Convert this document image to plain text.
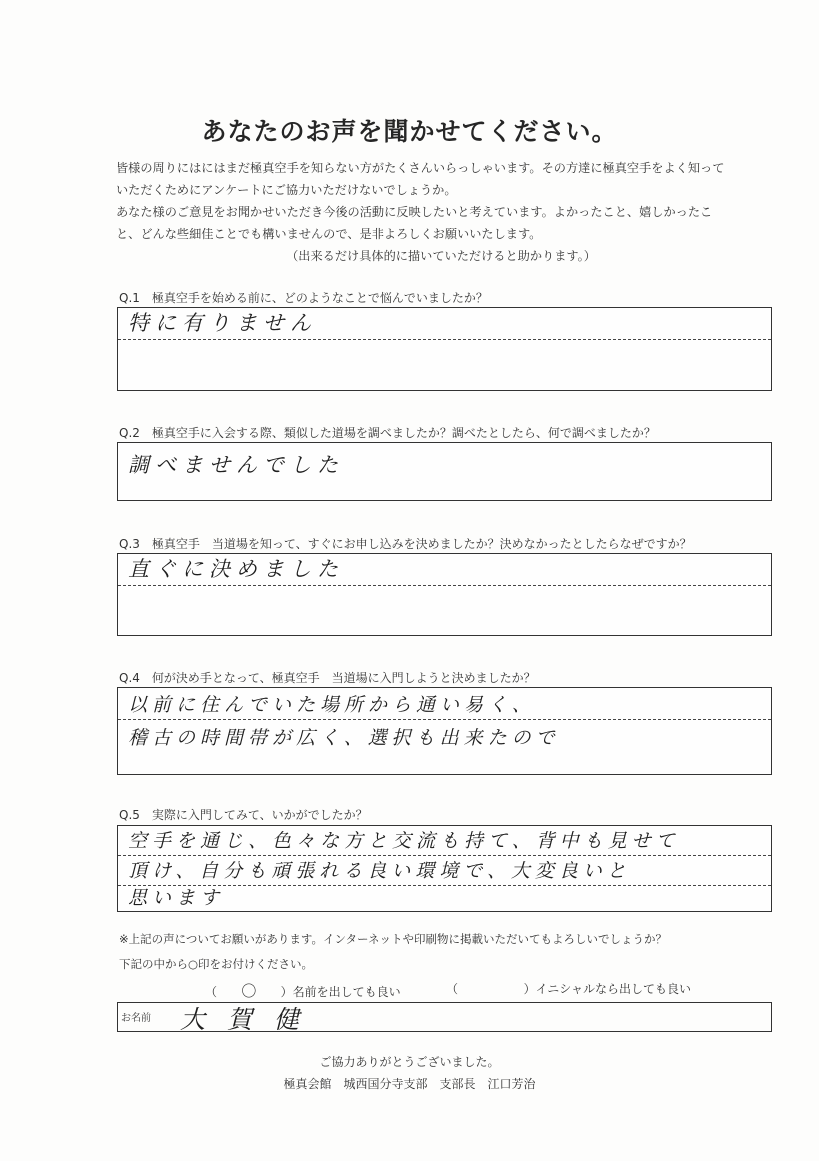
あなたのお声を聞かせてください。

皆様の周りにはにはまだ極真空手を知らない方がたくさんいらっしゃいます。その方達に極真空手をよく知って

いただくためにアンケートにご協力いただけないでしょうか。

あなた様のご意見をお聞かせいただき今後の活動に反映したいと考えています。よかったこと、嬉しかったこ

と、どんな些細佳ことでも構いませんので、是非よろしくお願いいたします。

（出来るだけ具体的に描いていただけると助かります。）

Q.1　極真空手を始める前に、どのようなことで悩んでいましたか？
特に有りません
Q.2　極真空手に入会する際、類似した道場を調べましたか？調べたとしたら、何で調べましたか？
調べませんでした
Q.3　極真空手　当道場を知って、すぐにお申し込みを決めましたか？決めなかったとしたらなぜですか？
直ぐに決めました
Q.4　何が決め手となって、極真空手　当道場に入門しようと決めましたか？
以前に住んでいた場所から通い易く、
稽古の時間帯が広く、選択も出来たので
Q.5　実際に入門してみて、いかがでしたか？
空手を通じ、色々な方と交流も持て、背中も見せて
頂け、自分も頑張れる良い環境で、大変良いと
思います
※上記の声についてお願いがあります。インターネットや印刷物に掲載いただいてもよろしいでしょうか？
下記の中から○印をお付けください。
（ 〇 ）名前を出しても良い	（	）イニシャルなら出しても良い
お名前 大賀健
ご協力ありがとうございました。
極真会館　城西国分寺支部　支部長　江口芳治
